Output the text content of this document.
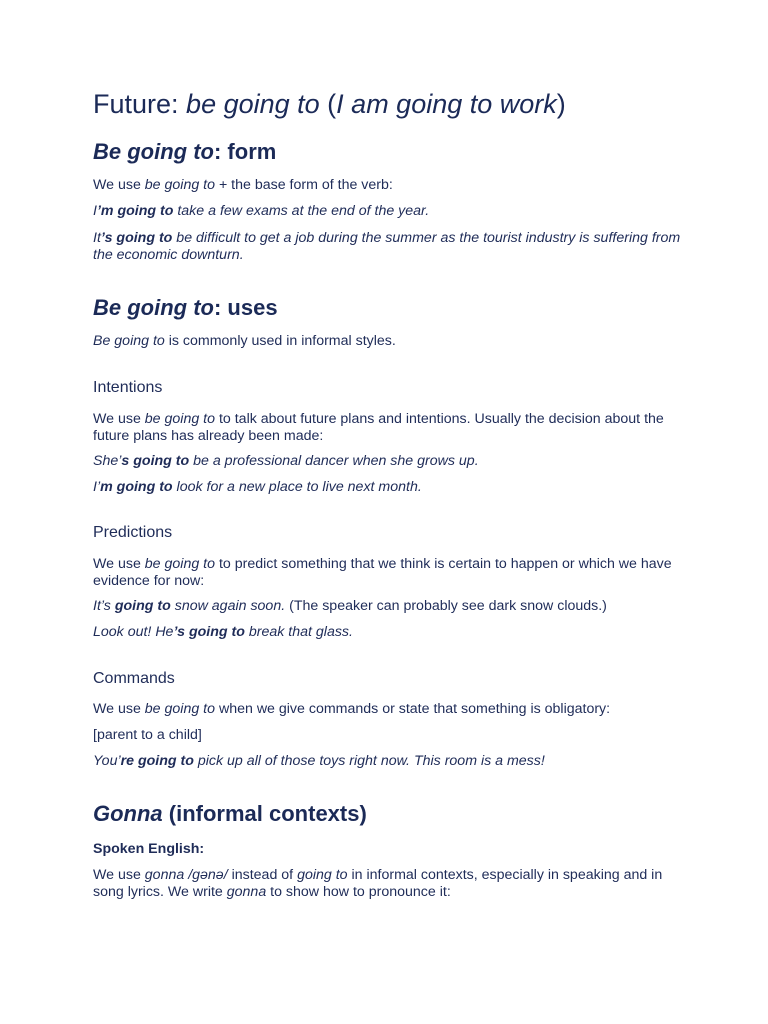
Future: be going to (I am going to work)
Be going to: form
We use be going to + the base form of the verb:
I’m going to take a few exams at the end of the year.
It’s going to be difficult to get a job during the summer as the tourist industry is suffering from the economic downturn.
Be going to: uses
Be going to is commonly used in informal styles.
Intentions
We use be going to to talk about future plans and intentions. Usually the decision about the future plans has already been made:
She’s going to be a professional dancer when she grows up.
I’m going to look for a new place to live next month.
Predictions
We use be going to to predict something that we think is certain to happen or which we have evidence for now:
It’s going to snow again soon. (The speaker can probably see dark snow clouds.)
Look out! He’s going to break that glass.
Commands
We use be going to when we give commands or state that something is obligatory:
[parent to a child]
You’re going to pick up all of those toys right now. This room is a mess!
Gonna (informal contexts)
Spoken English:
We use gonna /ɡənə/ instead of going to in informal contexts, especially in speaking and in song lyrics. We write gonna to show how to pronounce it:
